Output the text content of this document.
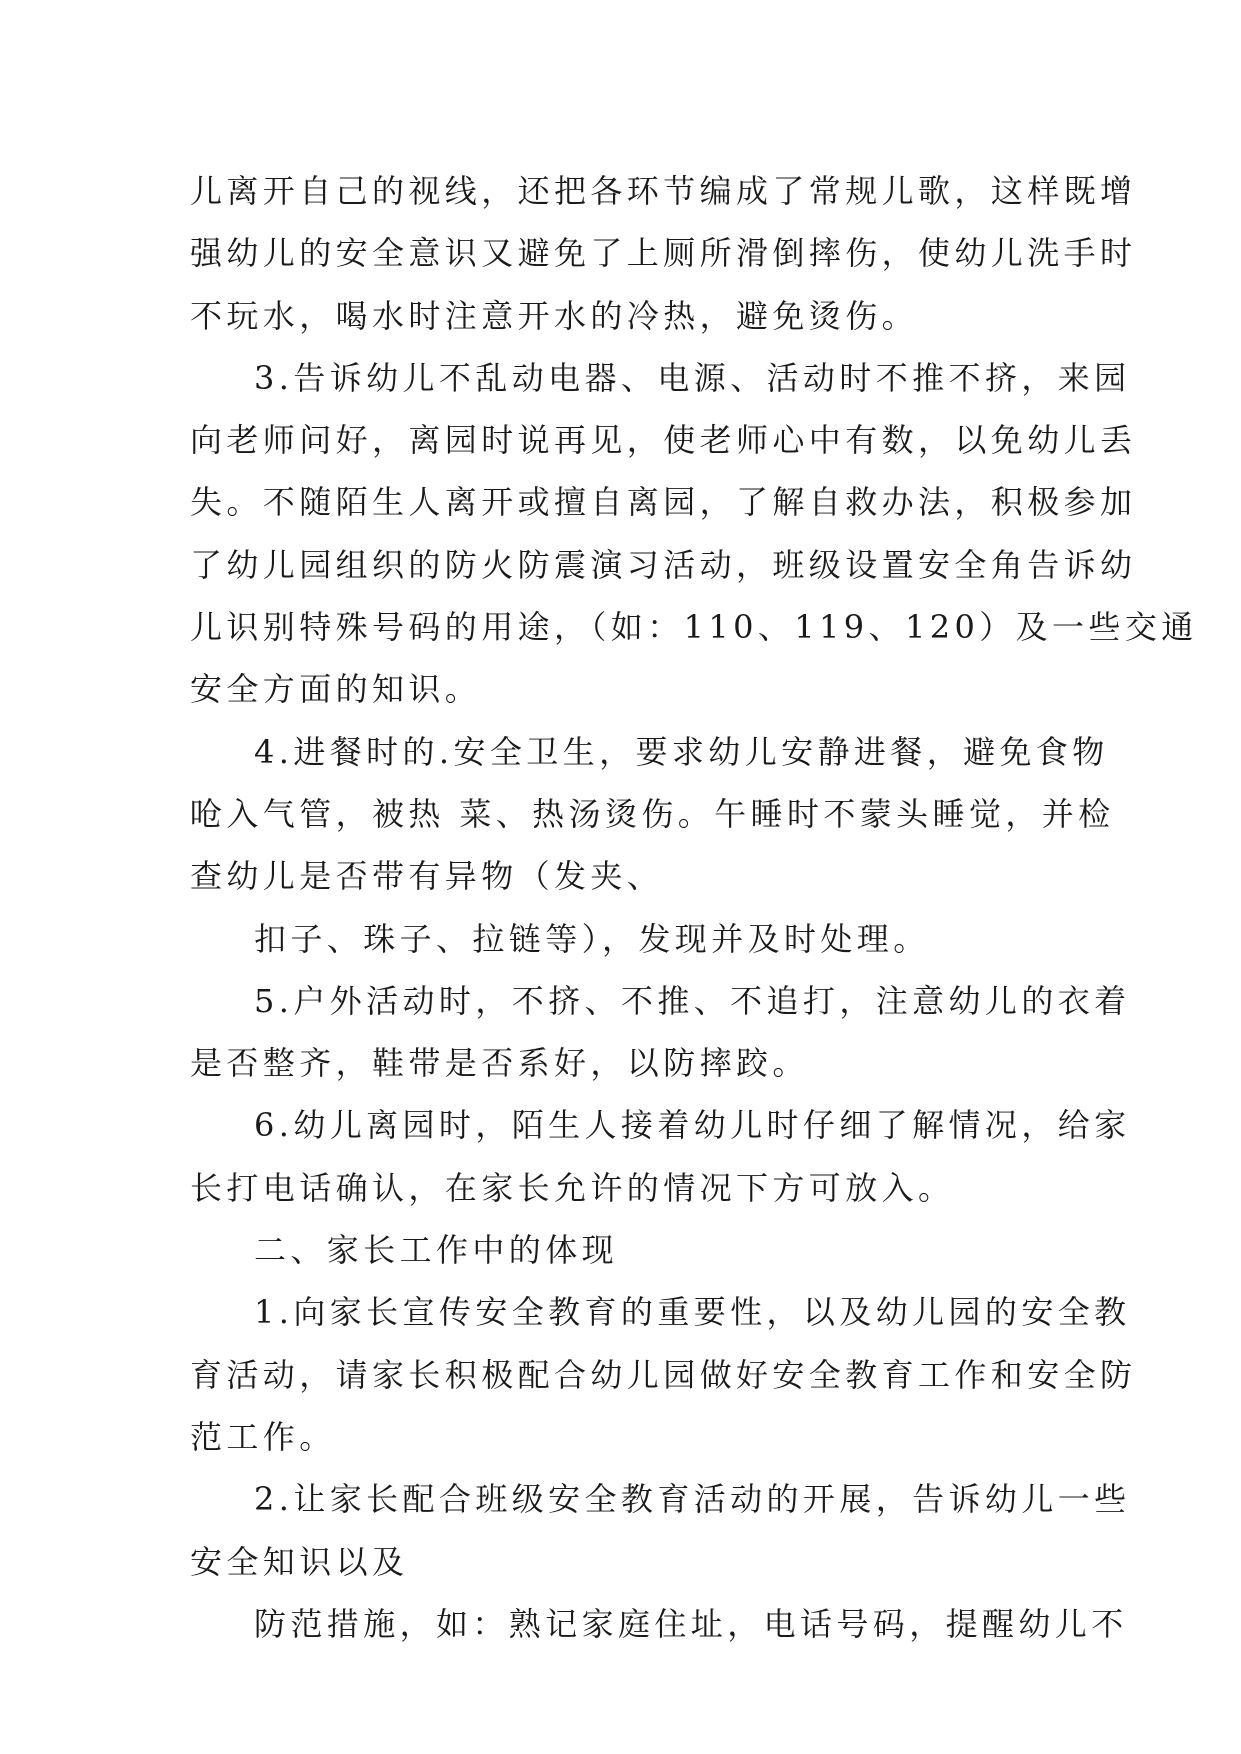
儿离开自己的视线，还把各环节编成了常规儿歌，这样既增
强幼儿的安全意识又避免了上厕所滑倒摔伤，使幼儿洗手时
不玩水，喝水时注意开水的冷热，避免烫伤。
3.告诉幼儿不乱动电器、电源、活动时不推不挤，来园
向老师问好，离园时说再见，使老师心中有数，以免幼儿丢
失。不随陌生人离开或擅自离园，了解自救办法，积极参加
了幼儿园组织的防火防震演习活动，班级设置安全角告诉幼
儿识别特殊号码的用途，（如：110、119、120）及一些交通
安全方面的知识。
4.进餐时的.安全卫生，要求幼儿安静进餐，避免食物
呛入气管，被热 菜、热汤烫伤。午睡时不蒙头睡觉，并检
查幼儿是否带有异物（发夹、
扣子、珠子、拉链等），发现并及时处理。
5.户外活动时，不挤、不推、不追打，注意幼儿的衣着
是否整齐，鞋带是否系好，以防摔跤。
6.幼儿离园时，陌生人接着幼儿时仔细了解情况，给家
长打电话确认，在家长允许的情况下方可放入。
二、家长工作中的体现
1.向家长宣传安全教育的重要性，以及幼儿园的安全教
育活动，请家长积极配合幼儿园做好安全教育工作和安全防
范工作。
2.让家长配合班级安全教育活动的开展，告诉幼儿一些
安全知识以及
防范措施，如：熟记家庭住址，电话号码，提醒幼儿不
